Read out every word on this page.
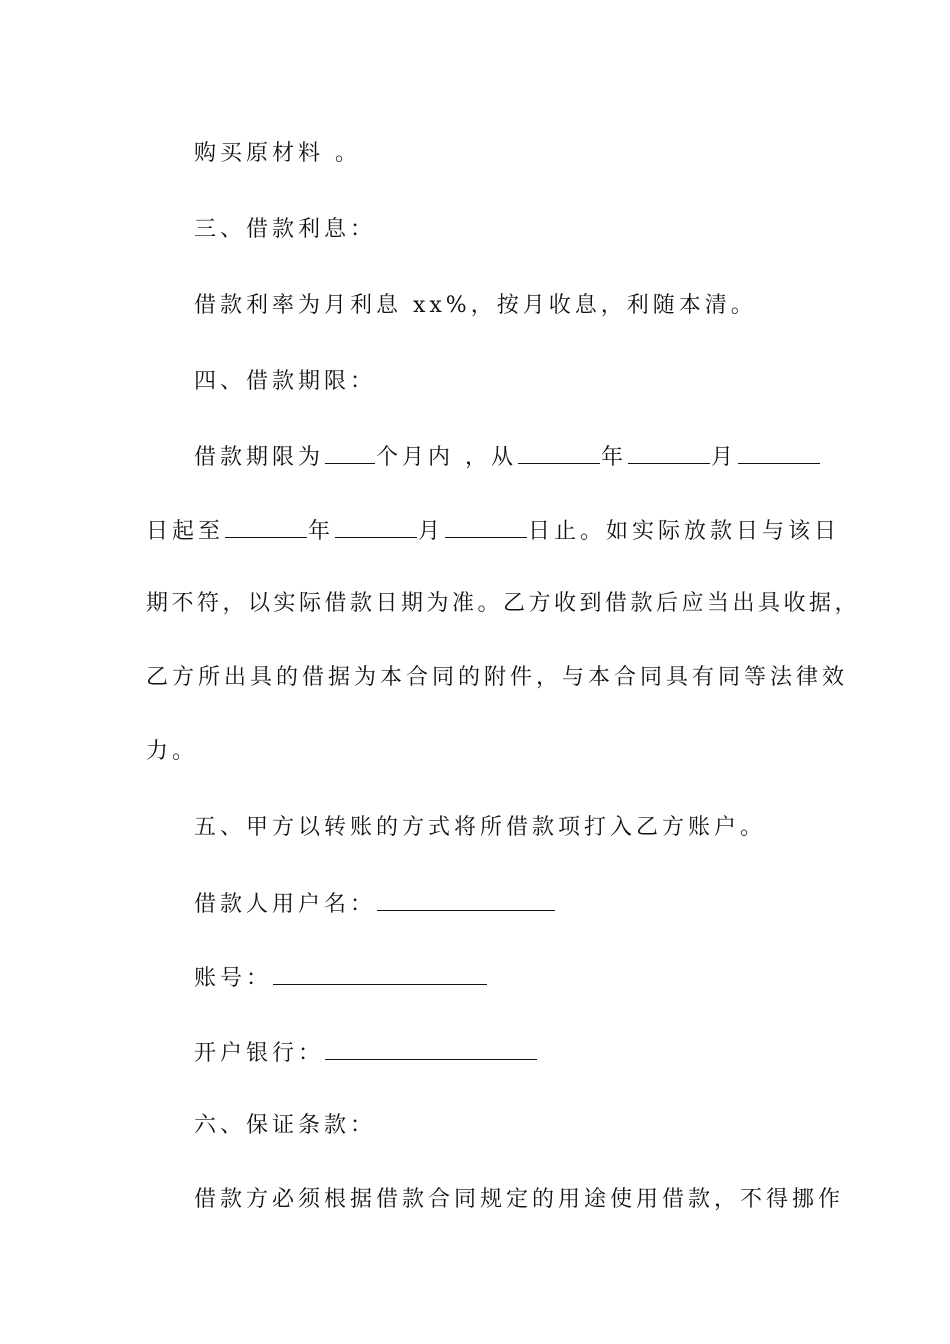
购买原材料 。
三、借款利息：
借款利率为月利息 xx%，按月收息，利随本清。
四、借款期限：
借款期限为 个月内 ，从	年	月
日起至	年	月	日止。如实际放款日与该日
期不符，以实际借款日期为准。乙方收到借款后应当出具收据，
乙方所出具的借据为本合同的附件，与本合同具有同等法律效
力。
五、甲方以转账的方式将所借款项打入乙方账户。
借款人用户名：
账号：
开户银行：
六、保证条款：
借款方必须根据借款合同规定的用途使用借款，不得挪作
